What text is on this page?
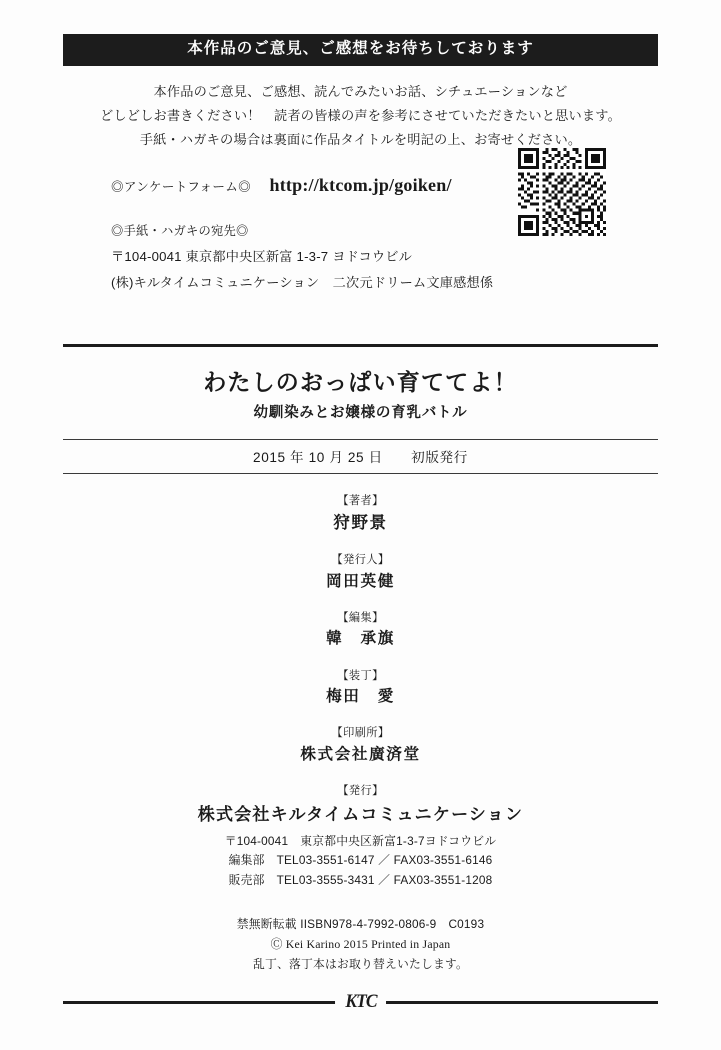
本作品のご意見、ご感想をお待ちしております
本作品のご意見、ご感想、読んでみたいお話、シチュエーションなど
どしどしお書きください！　読者の皆様の声を参考にさせていただきたいと思います。
手紙・ハガキの場合は裏面に作品タイトルを明記の上、お寄せください。
◎アンケートフォーム◎ http://ktcom.jp/goiken/
◎手紙・ハガキの宛先◎
〒104-0041 東京都中央区新富 1-3-7 ヨドコウビル
(株)キルタイムコミュニケーション　二次元ドリーム文庫感想係
わたしのおっぱい育ててよ！
幼馴染みとお嬢様の育乳バトル
2015 年 10 月 25 日　　初版発行
【著者】
狩野景
【発行人】
岡田英健
【編集】
韓　承旗
【装丁】
梅田　愛
【印刷所】
株式会社廣済堂
【発行】
株式会社キルタイムコミュニケーション
〒104-0041　東京都中央区新富1-3-7ヨドコウビル
編集部　TEL03-3551-6147 ／ FAX03-3551-6146
販売部　TEL03-3555-3431 ／ FAX03-3551-1208
禁無断転載 IISBN978-4-7992-0806-9　C0193
Ⓒ Kei Karino 2015 Printed in Japan
乱丁、落丁本はお取り替えいたします。
KTC
